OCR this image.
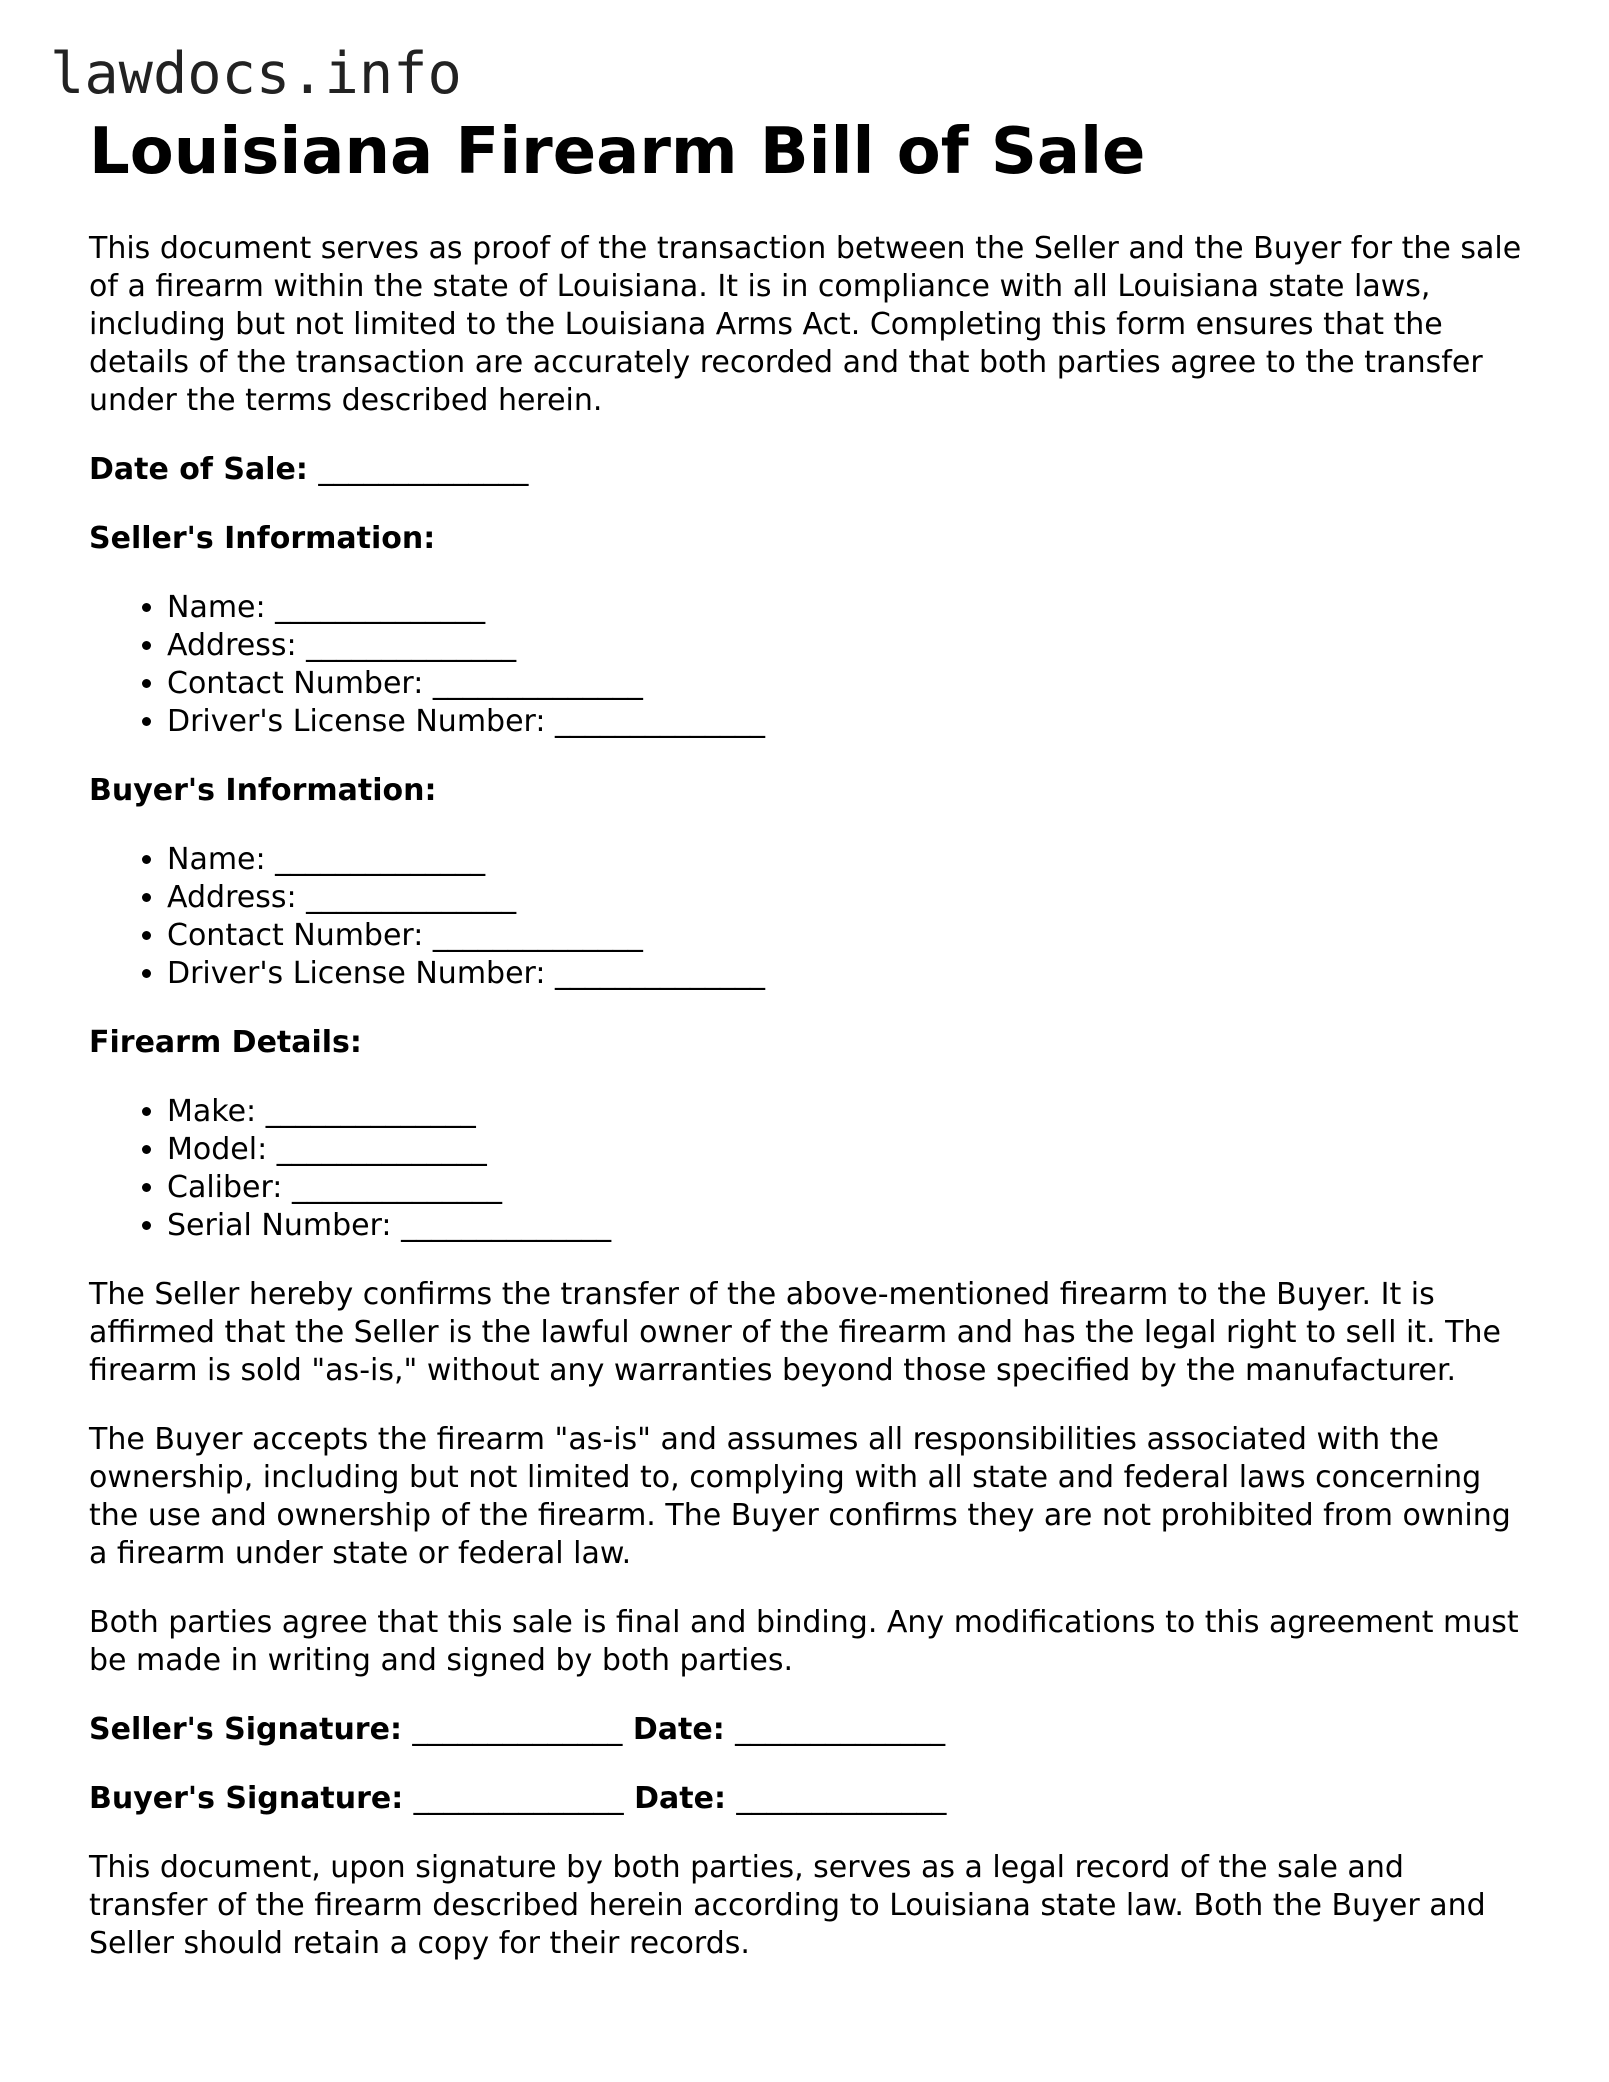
lawdocs.info
Louisiana Firearm Bill of Sale

This document serves as proof of the transaction between the Seller and the Buyer for the sale of a firearm within the state of Louisiana. It is in compliance with all Louisiana state laws, including but not limited to the Louisiana Arms Act. Completing this form ensures that the details of the transaction are accurately recorded and that both parties agree to the transfer under the terms described herein.

Date of Sale: ______________
Seller's Information:
• Name: ______________
• Address: ______________
• Contact Number: ______________
• Driver's License Number: ______________
Buyer's Information:
• Name: ______________
• Address: ______________
• Contact Number: ______________
• Driver's License Number: ______________
Firearm Details:
• Make: ______________
• Model: ______________
• Caliber: ______________
• Serial Number: ______________

The Seller hereby confirms the transfer of the above-mentioned firearm to the Buyer. It is affirmed that the Seller is the lawful owner of the firearm and has the legal right to sell it. The firearm is sold "as-is," without any warranties beyond those specified by the manufacturer.

The Buyer accepts the firearm "as-is" and assumes all responsibilities associated with the ownership, including but not limited to, complying with all state and federal laws concerning the use and ownership of the firearm. The Buyer confirms they are not prohibited from owning a firearm under state or federal law.

Both parties agree that this sale is final and binding. Any modifications to this agreement must be made in writing and signed by both parties.

Seller's Signature: ______________ Date: ______________
Buyer's Signature: ______________ Date: ______________

This document, upon signature by both parties, serves as a legal record of the sale and transfer of the firearm described herein according to Louisiana state law. Both the Buyer and Seller should retain a copy for their records.
